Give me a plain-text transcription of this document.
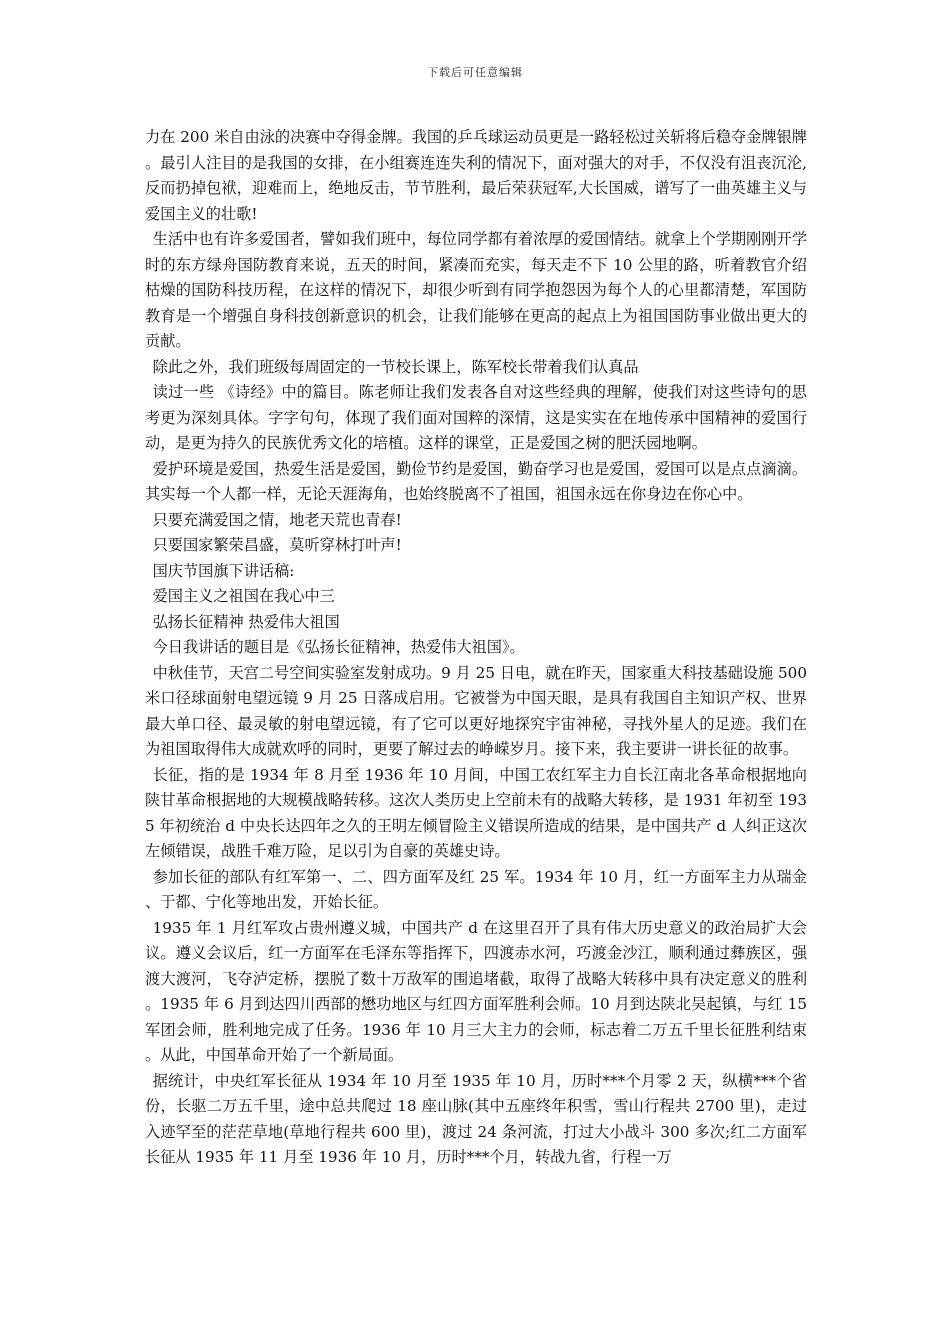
下载后可任意编辑

力在 200 米自由泳的决赛中夺得金牌。我国的乒乓球运动员更是一路轻松过关斩将后稳夺金牌银牌。最引人注目的是我国的女排，在小组赛连连失利的情况下，面对强大的对手，不仅没有沮丧沉沦,反而扔掉包袱，迎难而上，绝地反击，节节胜利，最后荣获冠军,大长国威，谱写了一曲英雄主义与爱国主义的壮歌!

生活中也有许多爱国者，譬如我们班中，每位同学都有着浓厚的爱国情结。就拿上个学期刚刚开学时的东方绿舟国防教育来说，五天的时间，紧凑而充实，每天走不下 10 公里的路，听着教官介绍枯燥的国防科技历程，在这样的情况下，却很少听到有同学抱怨因为每个人的心里都清楚，军国防教育是一个增强自身科技创新意识的机会，让我们能够在更高的起点上为祖国国防事业做出更大的贡献。

除此之外，我们班级每周固定的一节校长课上，陈军校长带着我们认真品

读过一些 《诗经》中的篇目。陈老师让我们发表各自对这些经典的理解，使我们对这些诗句的思考更为深刻具体。字字句句，体现了我们面对国粹的深情，这是实实在在地传承中国精神的爱国行动，是更为持久的民族优秀文化的培植。这样的课堂，正是爱国之树的肥沃园地啊。

爱护环境是爱国，热爱生活是爱国，勤俭节约是爱国，勤奋学习也是爱国，爱国可以是点点滴滴。其实每一个人都一样，无论天涯海角，也始终脱离不了祖国，祖国永远在你身边在你心中。

只要充满爱国之情，地老天荒也青春!

只要国家繁荣昌盛，莫听穿林打叶声!

国庆节国旗下讲话稿:

爱国主义之祖国在我心中三

弘扬长征精神 热爱伟大祖国

今日我讲话的题目是《弘扬长征精神，热爱伟大祖国》。

中秋佳节，天宫二号空间实验室发射成功。9 月 25 日电，就在昨天，国家重大科技基础设施 500 米口径球面射电望远镜 9 月 25 日落成启用。它被誉为中国天眼，是具有我国自主知识产权、世界最大单口径、最灵敏的射电望远镜，有了它可以更好地探究宇宙神秘，寻找外星人的足迹。我们在为祖国取得伟大成就欢呼的同时，更要了解过去的峥嵘岁月。接下来，我主要讲一讲长征的故事。

长征，指的是 1934 年 8 月至 1936 年 10 月间，中国工农红军主力自长江南北各革命根据地向陕甘革命根据地的大规模战略转移。这次人类历史上空前未有的战略大转移，是 1931 年初至 1935 年初统治 d 中央长达四年之久的王明左倾冒险主义错误所造成的结果，是中国共产 d 人纠正这次左倾错误，战胜千难万险，足以引为自豪的英雄史诗。

参加长征的部队有红军第一、二、四方面军及红 25 军。1934 年 10 月，红一方面军主力从瑞金、于都、宁化等地出发，开始长征。

1935 年 1 月红军攻占贵州遵义城，中国共产 d 在这里召开了具有伟大历史意义的政治局扩大会议。遵义会议后，红一方面军在毛泽东等指挥下，四渡赤水河，巧渡金沙江，顺利通过彝族区，强渡大渡河，飞夺泸定桥，摆脱了数十万敌军的围追堵截，取得了战略大转移中具有决定意义的胜利。1935 年 6 月到达四川西部的懋功地区与红四方面军胜利会师。10 月到达陕北吴起镇，与红 15 军团会师，胜利地完成了任务。1936 年 10 月三大主力的会师，标志着二万五千里长征胜利结束。从此，中国革命开始了一个新局面。

据统计，中央红军长征从 1934 年 10 月至 1935 年 10 月，历时***个月零 2 天，纵横***个省份，长驱二万五千里，途中总共爬过 18 座山脉(其中五座终年积雪，雪山行程共 2700 里)，走过入迹罕至的茫茫草地(草地行程共 600 里)，渡过 24 条河流，打过大小战斗 300 多次;红二方面军长征从 1935 年 11 月至 1936 年 10 月，历时***个月，转战九省，行程一万
